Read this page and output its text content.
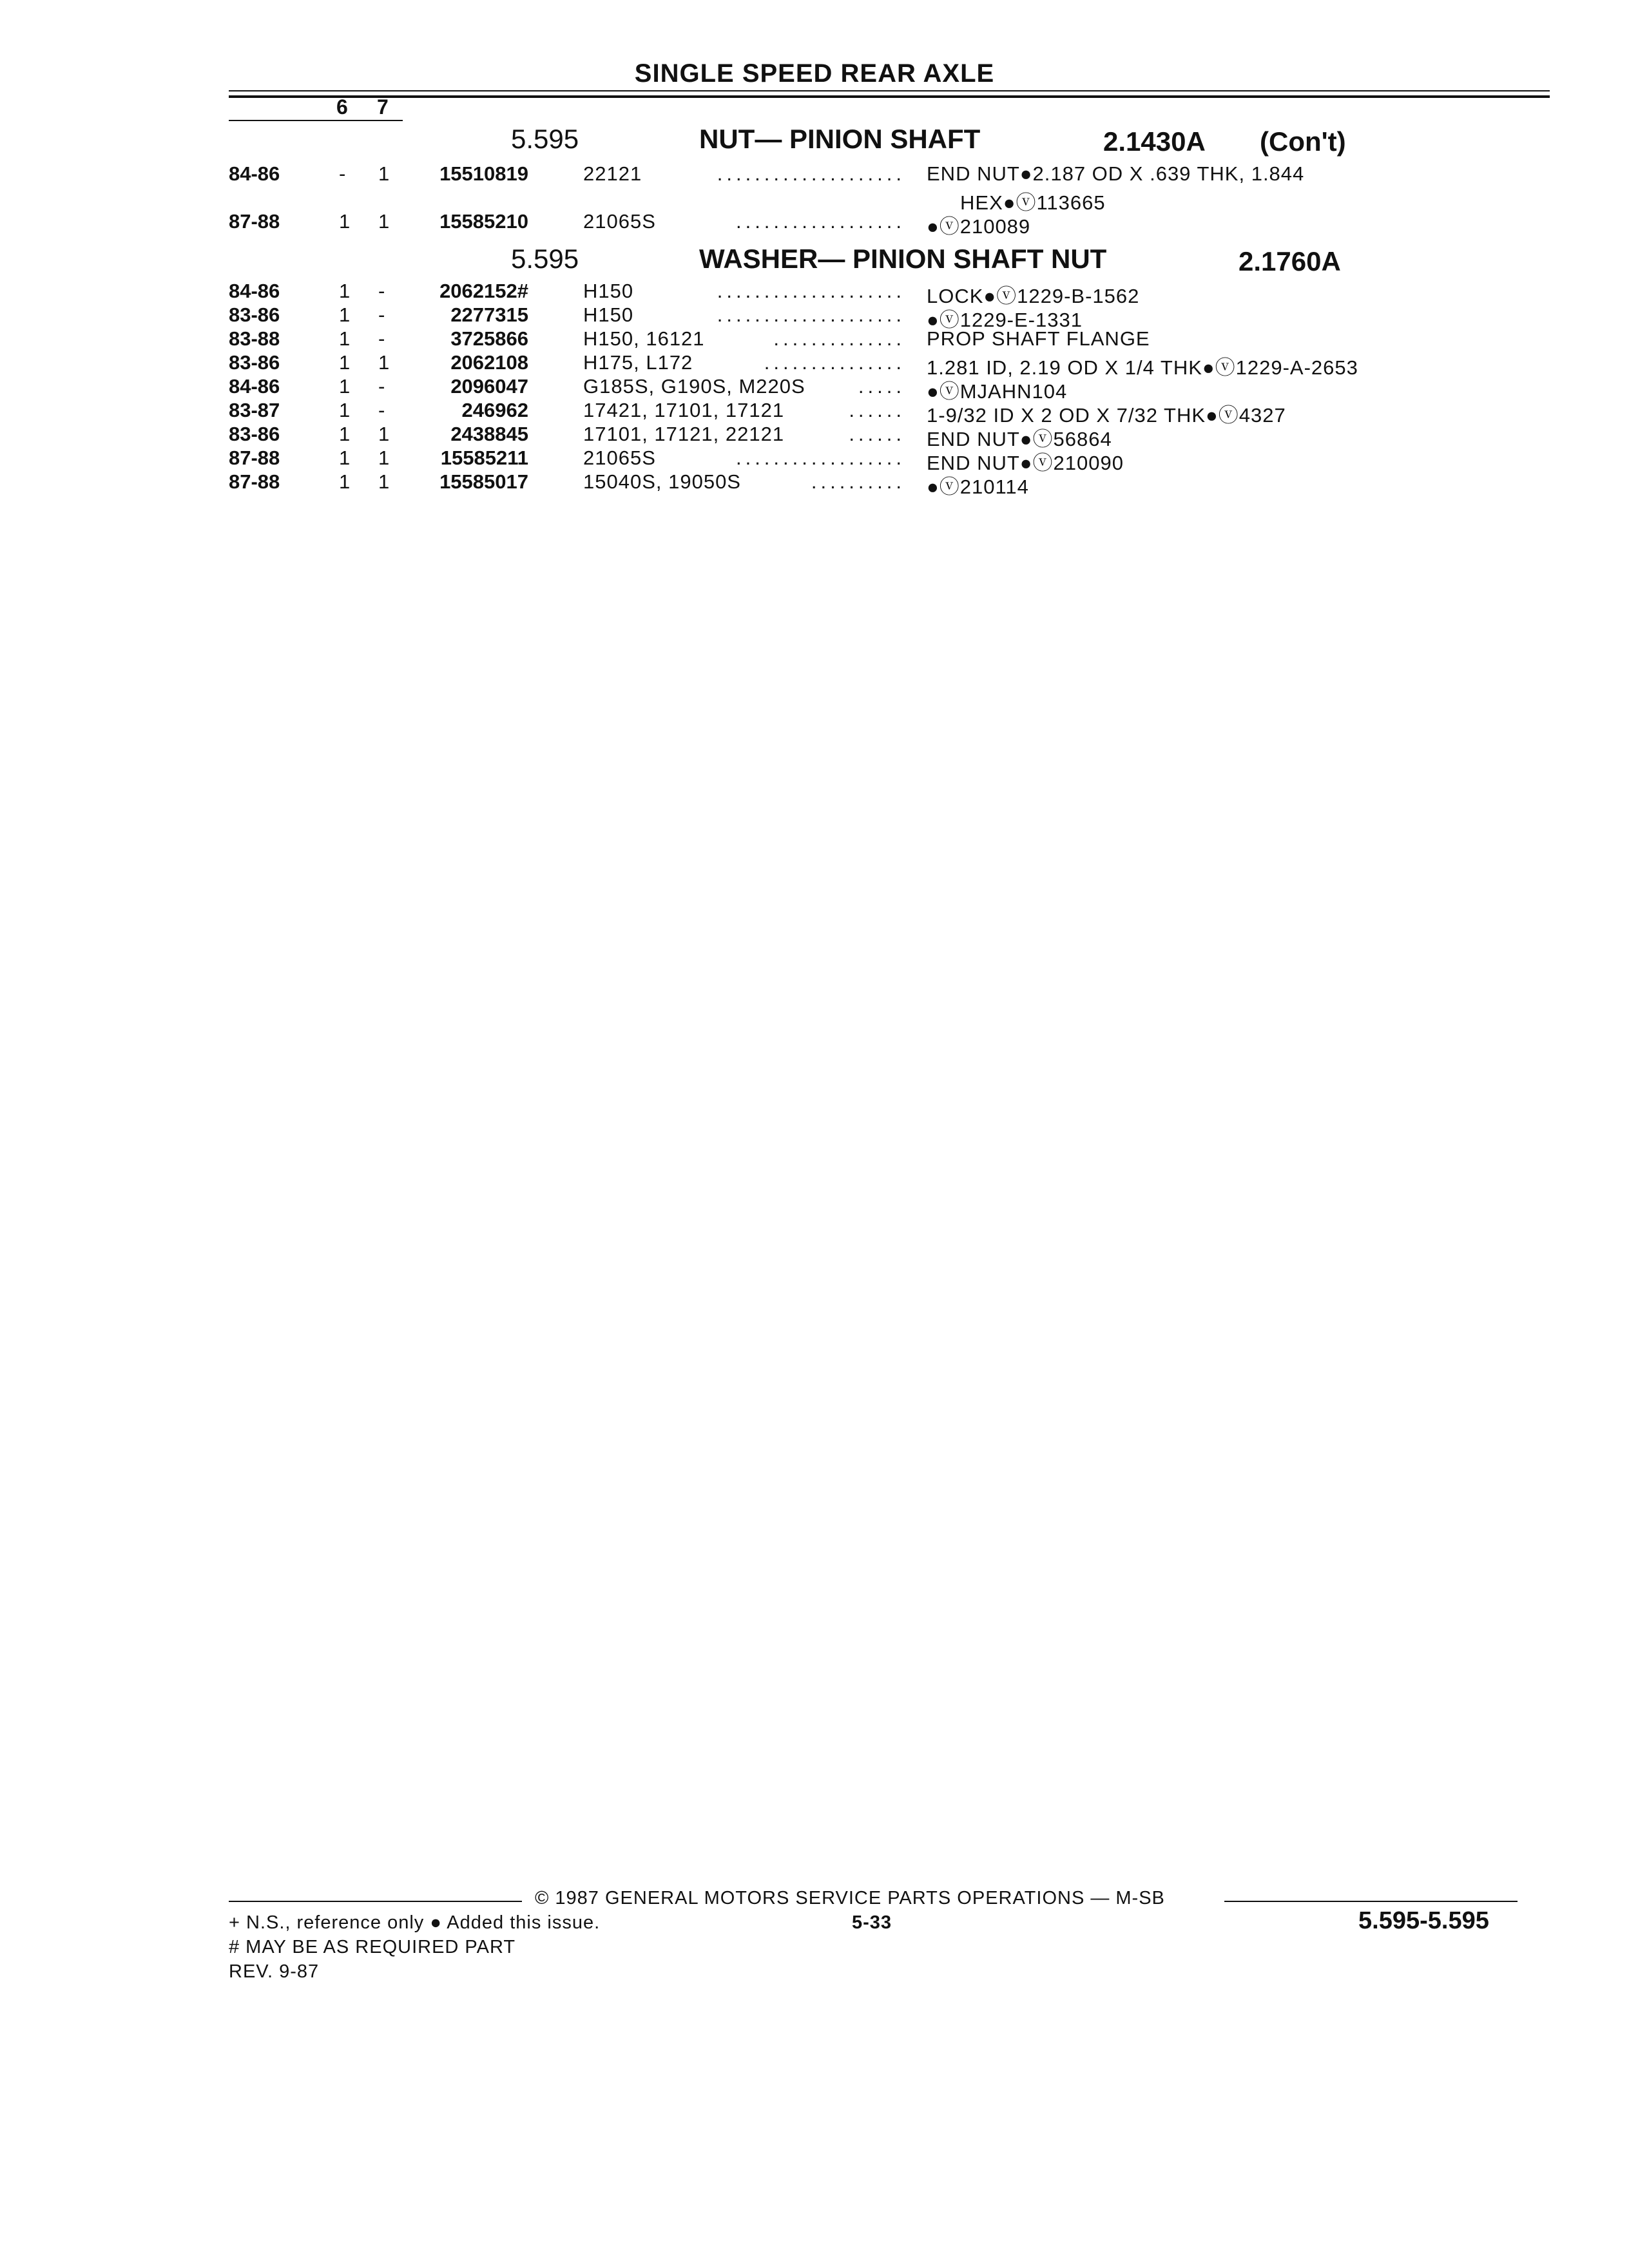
SINGLE SPEED REAR AXLE
6 7
5.595	NUT— PINION SHAFT	2.1430A (Con't)
84-86	- 1	15510819	22121	.................... END NUT●2.187 OD X .639 THK, 1.844
HEX●ⓥ113665
87-88	1 1	15585210	21065S	.................. ●ⓥ210089
5.595	WASHER— PINION SHAFT NUT	2.1760A
84-86	1 -	2062152#	H150	.................... LOCK●ⓥ1229-B-1562
83-86	1 -	2277315	H150	.................... ●ⓥ1229-E-1331
83-88	1 -	3725866	H150, 16121	.............. PROP SHAFT FLANGE
83-86	1 1	2062108	H175, L172	............... 1.281 ID, 2.19 OD X 1/4 THK●ⓥ1229-A-2653
84-86	1 -	2096047	G185S, G190S, M220S	..... ●ⓥMJAHN104
83-87	1 -	246962	17421, 17101, 17121	...... 1-9/32 ID X 2 OD X 7/32 THK●ⓥ4327
83-86	1 1	2438845	17101, 17121, 22121	...... END NUT●ⓥ56864
87-88	1 1	15585211	21065S	.................. END NUT●ⓥ210090
87-88	1 1	15585017	15040S, 19050S	.......... ●ⓥ210114
© 1987 GENERAL MOTORS SERVICE PARTS OPERATIONS — M-SB
+ N.S., reference only ● Added this issue.	5-33	5.595-5.595
# MAY BE AS REQUIRED PART
REV. 9-87
